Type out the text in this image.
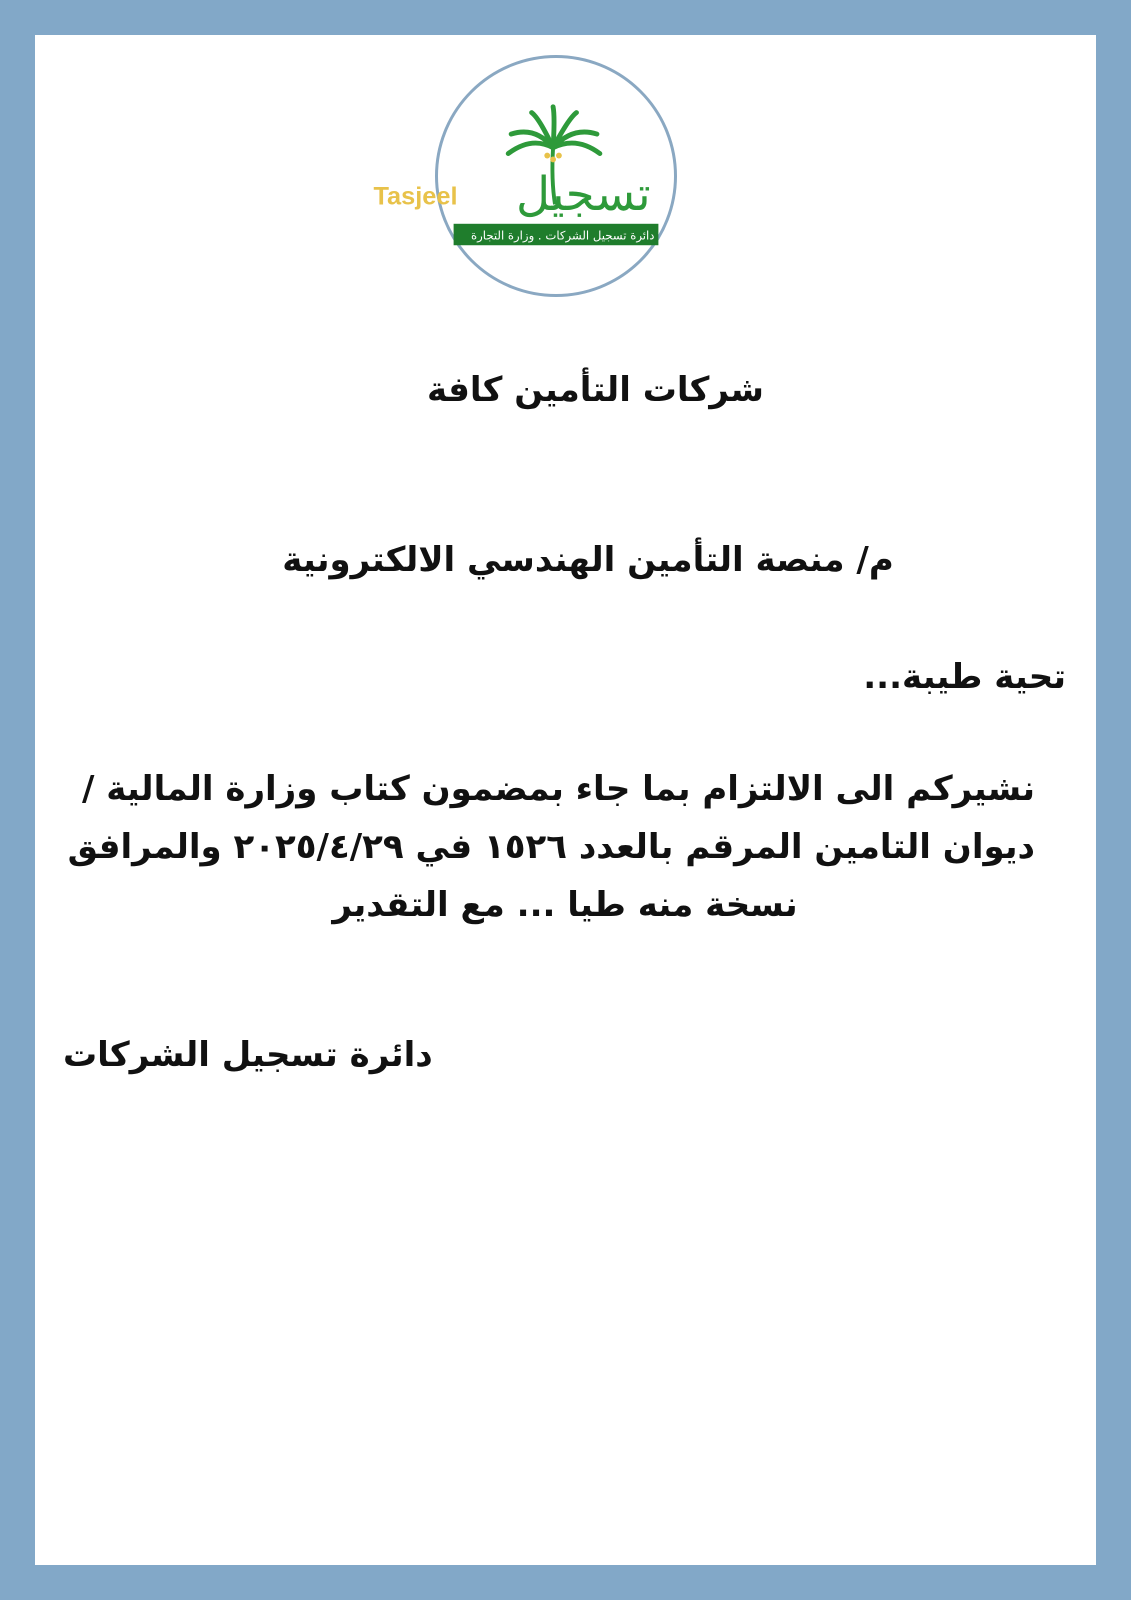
Tasjeel تسجيل
دائرة تسجيل الشركات . وزارة التجارة

شركات التأمين كافة

م/ منصة التأمين الهندسي الالكترونية

تحية طيبة...

نشيركم الى الالتزام بما جاء بمضمون كتاب وزارة المالية /
ديوان التامين المرقم بالعدد ١٥٢٦ في ٢٠٢٥/٤/٢٩ والمرافق
نسخة منه طيا ... مع التقدير

دائرة تسجيل الشركات
